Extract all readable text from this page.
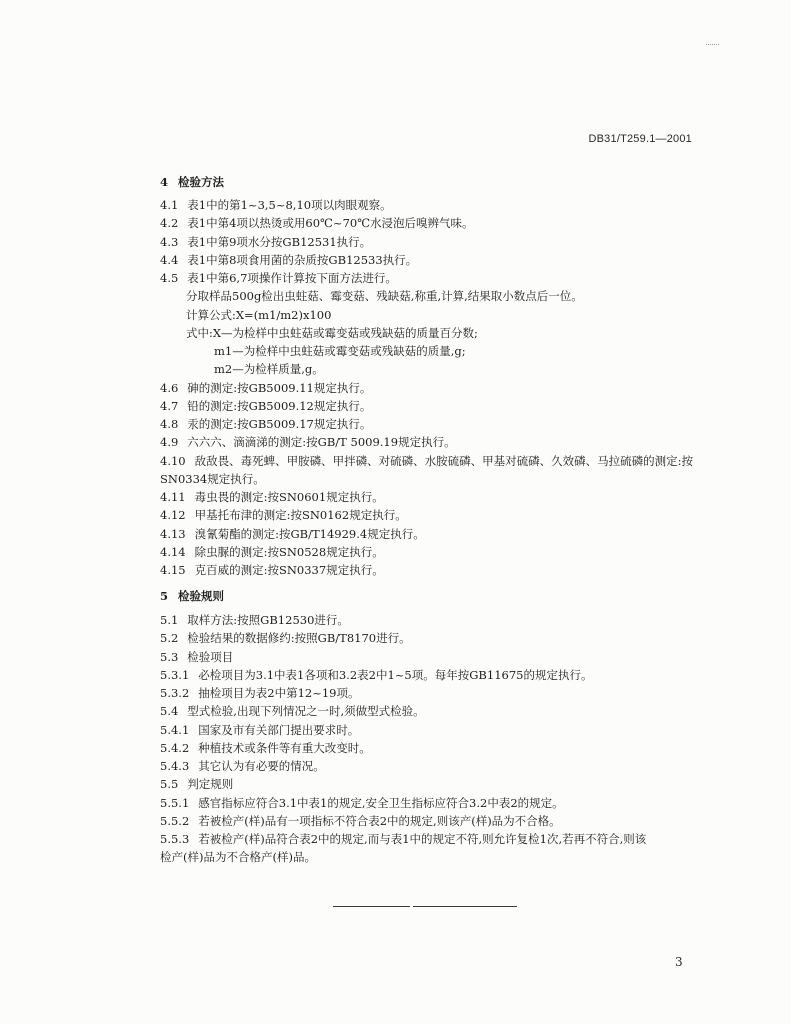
DB31/T259.1—2001
4 检验方法
4.1 表1中的第1~3,5~8,10项以肉眼观察。
4.2 表1中第4项以热烫或用60℃~70℃水浸泡后嗅辨气味。
4.3 表1中第9项水分按GB12531执行。
4.4 表1中第8项食用菌的杂质按GB12533执行。
4.5 表1中第6,7项操作计算按下面方法进行。
分取样品500g检出虫蛀菇、霉变菇、残缺菇,称重,计算,结果取小数点后一位。
计算公式:X=(m1/m2)x100
式中:X—为检样中虫蛀菇或霉变菇或残缺菇的质量百分数;
m1—为检样中虫蛀菇或霉变菇或残缺菇的质量,g;
m2—为检样质量,g。
4.6 砷的测定:按GB5009.11规定执行。
4.7 铅的测定:按GB5009.12规定执行。
4.8 汞的测定:按GB5009.17规定执行。
4.9 六六六、滴滴涕的测定:按GB/T 5009.19规定执行。
4.10 敌敌畏、毒死蜱、甲胺磷、甲拌磷、对硫磷、水胺硫磷、甲基对硫磷、久效磷、马拉硫磷的测定:按
SN0334规定执行。
4.11 毒虫畏的测定:按SN0601规定执行。
4.12 甲基托布津的测定:按SN0162规定执行。
4.13 溴氰菊酯的测定:按GB/T14929.4规定执行。
4.14 除虫脲的测定:按SN0528规定执行。
4.15 克百威的测定:按SN0337规定执行。
5 检验规则
5.1 取样方法:按照GB12530进行。
5.2 检验结果的数据修约:按照GB/T8170进行。
5.3 检验项目
5.3.1 必检项目为3.1中表1各项和3.2表2中1~5项。每年按GB11675的规定执行。
5.3.2 抽检项目为表2中第12~19项。
5.4 型式检验,出现下列情况之一时,须做型式检验。
5.4.1 国家及市有关部门提出要求时。
5.4.2 种植技术或条件等有重大改变时。
5.4.3 其它认为有必要的情况。
5.5 判定规则
5.5.1 感官指标应符合3.1中表1的规定,安全卫生指标应符合3.2中表2的规定。
5.5.2 若被检产(样)品有一项指标不符合表2中的规定,则该产(样)品为不合格。
5.5.3 若被检产(样)品符合表2中的规定,而与表1中的规定不符,则允许复检1次,若再不符合,则该
检产(样)品为不合格产(样)品。
3
